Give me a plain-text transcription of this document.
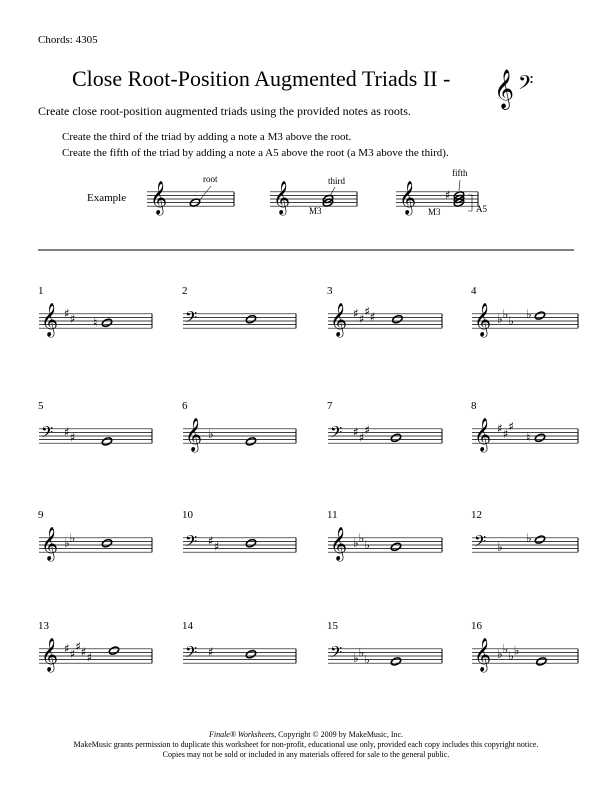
Chords: 4305
Close Root-Position Augmented Triads II -
Create close root-position augmented triads using the provided notes as roots.
Create the third of the triad by adding a note a M3 above the root.
Create the fifth of the triad by adding a note a A5 above the root (a M3 above the third).
Example 𝄞	𝄞	𝄞 ♯
root	third
M3
fifth
M3	A5
𝄞 𝄢
1
𝄞 ♯ ♯ ♮
2
𝄢
3
𝄞 ♯ ♯
♯ ♯
4
𝄞 ♭ ♭
♭
♭
5
𝄢 ♯ ♯
6
𝄞 ♭
7
𝄢 ♯ ♯
♯
8
𝄞 ♯ ♯
♯
♮
9
𝄞 ♭ ♭
10
𝄢 ♯ ♯
11
𝄞 ♭ ♭
♭
12
𝄢 ♭
♭
13
𝄞 ♯ ♯
♯ ♯ ♯
14
𝄢 ♯
15
𝄢 ♭ ♭
♭
16
𝄞 ♭ ♭
♭ ♭
Finale® Worksheets, Copyright © 2009 by MakeMusic, Inc.
MakeMusic grants permission to duplicate this worksheet for non-profit, educational use only, provided each copy includes this copyright notice.
Copies may not be sold or included in any materials offered for sale to the general public.
